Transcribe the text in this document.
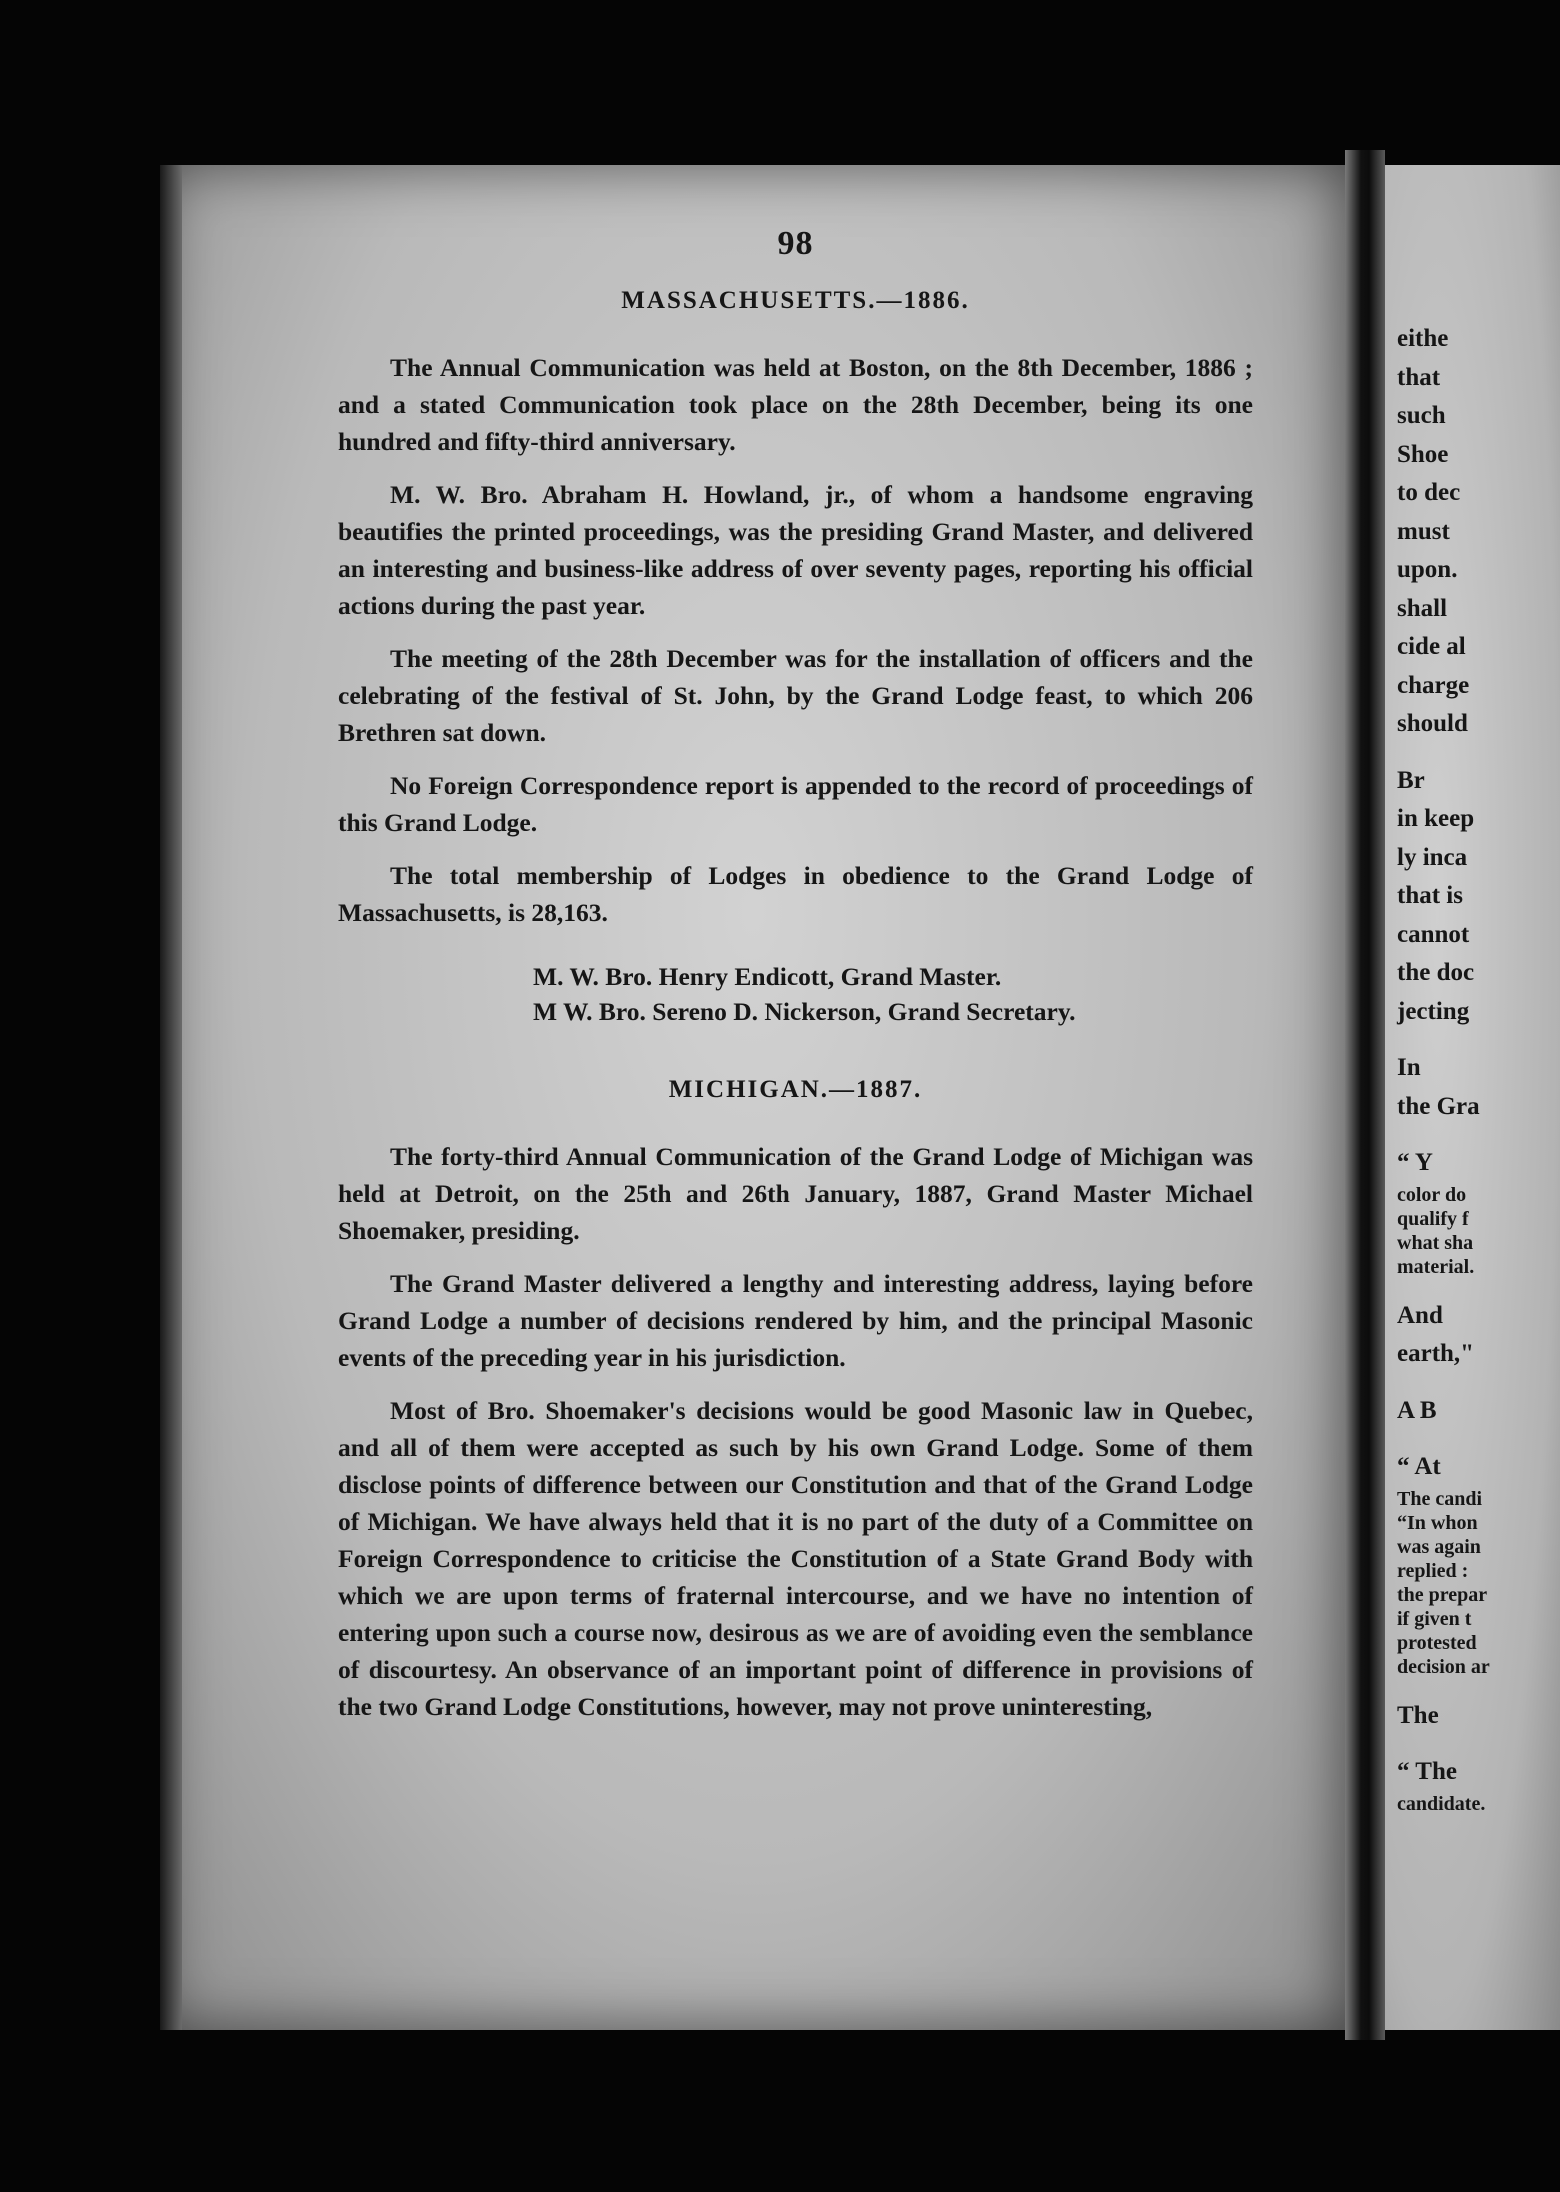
98
MASSACHUSETTS.—1886.

The Annual Communication was held at Boston, on the 8th December, 1886 ; and a stated Communication took place on the 28th December, being its one hundred and fifty-third anniversary.

M. W. Bro. Abraham H. Howland, jr., of whom a handsome engraving beautifies the printed proceedings, was the presiding Grand Master, and delivered an interesting and business-like address of over seventy pages, reporting his official actions during the past year.

The meeting of the 28th December was for the installation of officers and the celebrating of the festival of St. John, by the Grand Lodge feast, to which 206 Brethren sat down.

No Foreign Correspondence report is appended to the record of proceedings of this Grand Lodge.

The total membership of Lodges in obedience to the Grand Lodge of Massachusetts, is 28,163.

M. W. Bro. Henry Endicott, Grand Master.
M W. Bro. Sereno D. Nickerson, Grand Secretary.
MICHIGAN.—1887.

The forty-third Annual Communication of the Grand Lodge of Michigan was held at Detroit, on the 25th and 26th January, 1887, Grand Master Michael Shoemaker, presiding.

The Grand Master delivered a lengthy and interesting address, laying before Grand Lodge a number of decisions rendered by him, and the principal Masonic events of the preceding year in his jurisdiction.

Most of Bro. Shoemaker's decisions would be good Masonic law in Quebec, and all of them were accepted as such by his own Grand Lodge. Some of them disclose points of difference between our Constitution and that of the Grand Lodge of Michigan. We have always held that it is no part of the duty of a Committee on Foreign Correspondence to criticise the Constitution of a State Grand Body with which we are upon terms of fraternal intercourse, and we have no intention of entering upon such a course now, desirous as we are of avoiding even the semblance of discourtesy. An observance of an important point of difference in provisions of the two Grand Lodge Constitutions, however, may not prove uninteresting,

eithe
that
such
Shoe
to dec
must
upon.
shall
cide al
charge
should
Br
in keep
ly inca
that is
cannot
the doc
jecting
In
the Gra
“ Y
color do
qualify f
what sha
material.
And
earth,"
A B
“ At
The candi
“In whon
was again
replied :
the prepar
if given t
protested
decision ar
The
“ The
candidate.
